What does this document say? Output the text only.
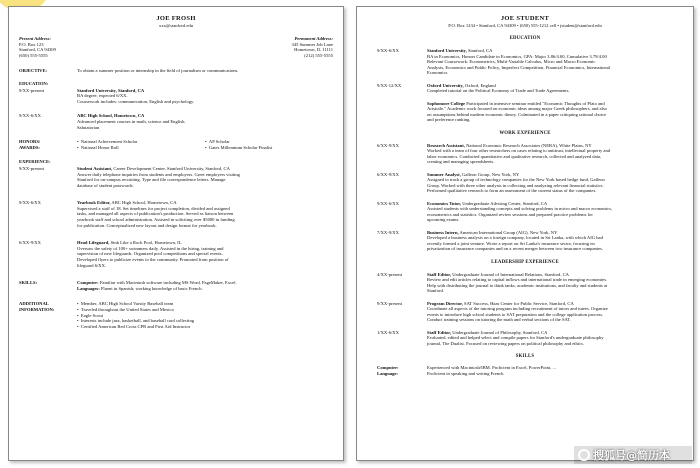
JOE FROSH
xxx@stanford.edu
Present Address:
P.O. Box 123
Stanford, CA 94309
(650) 555-5555
Permanent Address:
345 Summer Job Lane
Hometown, IL 11111
(212) 555-5555
OBJECTIVE:	To obtain a summer position or internship in the field of journalism or communications.
EDUCATION:
9/XX-present	Stanford University, Stanford, CA
BA degree, expected 6/XX.
Coursework includes: communication, English and psychology.
9/XX-6/XX	ABC High School, Hometown, CA
Advanced placement courses in math, science and English.
Salutatorian
HONORS/
AWARDS:
•  National Achievement Scholar
•  National Honor Roll
•  AP Scholar
•  Gates Millennium Scholar Finalist
EXPERIENCE:
9/XX-present	Student Assistant, Career Development Center, Stanford University, Stanford, CA
Answer daily telephone inquiries from students and employers. Greet employers visiting
Stanford for on-campus recruiting. Type and file correspondence letters. Manage
database of student passwords.
9/XX-6/XX	Yearbook Editor, ABC High School, Hometown, CA
Supervised a staff of 18. Set timelines for project completion, divided and assigned
tasks, and managed all aspects of publication's production. Served as liaison between
yearbook staff and school administration. Assisted in soliciting over $5000 in funding
for publication. Conceptualized new layout and design format for yearbook.
6/XX-9/XX	Head Lifeguard, Sink Like a Rock Pool, Hometown, IL
Oversaw the safety of 100+ swimmers daily. Assisted in the hiring, training and
supervision of new lifeguards. Organized pool competitions and special events.
Developed flyers to publicize events to the community. Promoted from position of
lifeguard 6/XX.
SKILLS:	Computer: Familiar with Macintosh software including MS Word, PageMaker, Excel.
Languages: Fluent in Spanish; working knowledge of basic French.
ADDITIONAL
INFORMATION:
•  Member, ABC High School Varsity Baseball team
•  Traveled throughout the United States and Mexico
•  Eagle Scout
•  Interests include jazz, basketball, and baseball card collecting
•  Certified American Red Cross CPR and First Aid Instructor
JOE STUDENT
P.O. Box 1234 • Stanford, CA 94309 • (650) 555-1212 cell • jstudent@stanford.edu
EDUCATION
9/XX-6/XX	Stanford University, Stanford, CA
BA in Economics, Honors Candidate in Economics, GPA: Major 3.86/4.00, Cumulative 3.79/4.00
Relevant Coursework: Econometrics, Multi-Variable Calculus, Micro and Macro Economic
Analysis, Economics and Public Policy, Imperfect Competition, Financial Economics, International
Economics
9/XX-12/XX	Oxford University, Oxford, England
Completed tutorial on the Political Economy of Trade and Trade Agreements.
Sophomore College Participated in intensive seminar entitled "Economic Thoughts of Plato and
Aristotle." Academic work focused on economic ideas among major Greek philosophers, and also
on assumptions behind modern economic theory. Culminated in a paper critiquing rational choice
and preference ranking.
WORK EXPERIENCE
6/XX-9/XX	Research Assistant, National Economic Research Associates (NERA), White Plains, NY
Worked with a team of four other researchers on cases relating to antitrust, intellectual property and
labor economics. Conducted quantitative and qualitative research, collected and analyzed data,
creating and managing spreadsheets.
6/XX-9/XX	Summer Analyst, Galleon Group, New York, NY
Assigned to track a group of technology companies for the New York based hedge fund, Galleon
Group. Worked with three other analysts in collecting and analyzing relevant financial statistics.
Performed qualitative research to form an assessment of the current status of the companies.
9/XX-6/XX	Economics Tutor, Undergraduate Advising Center, Stanford, CA
Assisted students with understanding concepts and solving problems in micro and macro economics,
econometrics and statistics. Organized review sessions and prepared practice problems for
upcoming exams.
7/XX-9/XX	Business Intern, American International Group (AIG), New York, NY
Developed a business analysis on a foreign company, located in Sri Lanka, with which AIG had
recently formed a joint venture. Wrote a report on Sri Lanka's insurance sector, focusing on
privatization of insurance companies and on a recent merger between two insurance companies.
LEADERSHIP EXPERIENCE
4/XX-present	Staff Editor, Undergraduate Journal of International Relations, Stanford, CA
Review and edit articles relating to capital inflows and international trade in emerging economies.
Help with distributing the journal to think tanks, academic institutions, and faculty and students at
Stanford.
9/XX-present	Program Director, SAT Success, Haas Center for Public Service, Stanford, CA
Coordinate all aspects of the tutoring program including recruitment of tutors and tutees. Organize
events to introduce high school students to SAT preparation and the college application process.
Conduct training sessions on tutoring the math and verbal sections of the SAT.
1/XX-6/XX	Staff Editor, Undergraduate Journal of Philosophy, Stanford, CA
Evaluated, edited and helped select and compile papers for Stanford's undergraduate philosophy
journal, The Dualist. Focused on reviewing papers on political philosophy and ethics.
SKILLS
Computer:	Experienced with Macintosh/IBM. Proficient in Excel, PowerPoint, ...
Language:	Proficient in speaking and writing French
搜狐号@简历本
